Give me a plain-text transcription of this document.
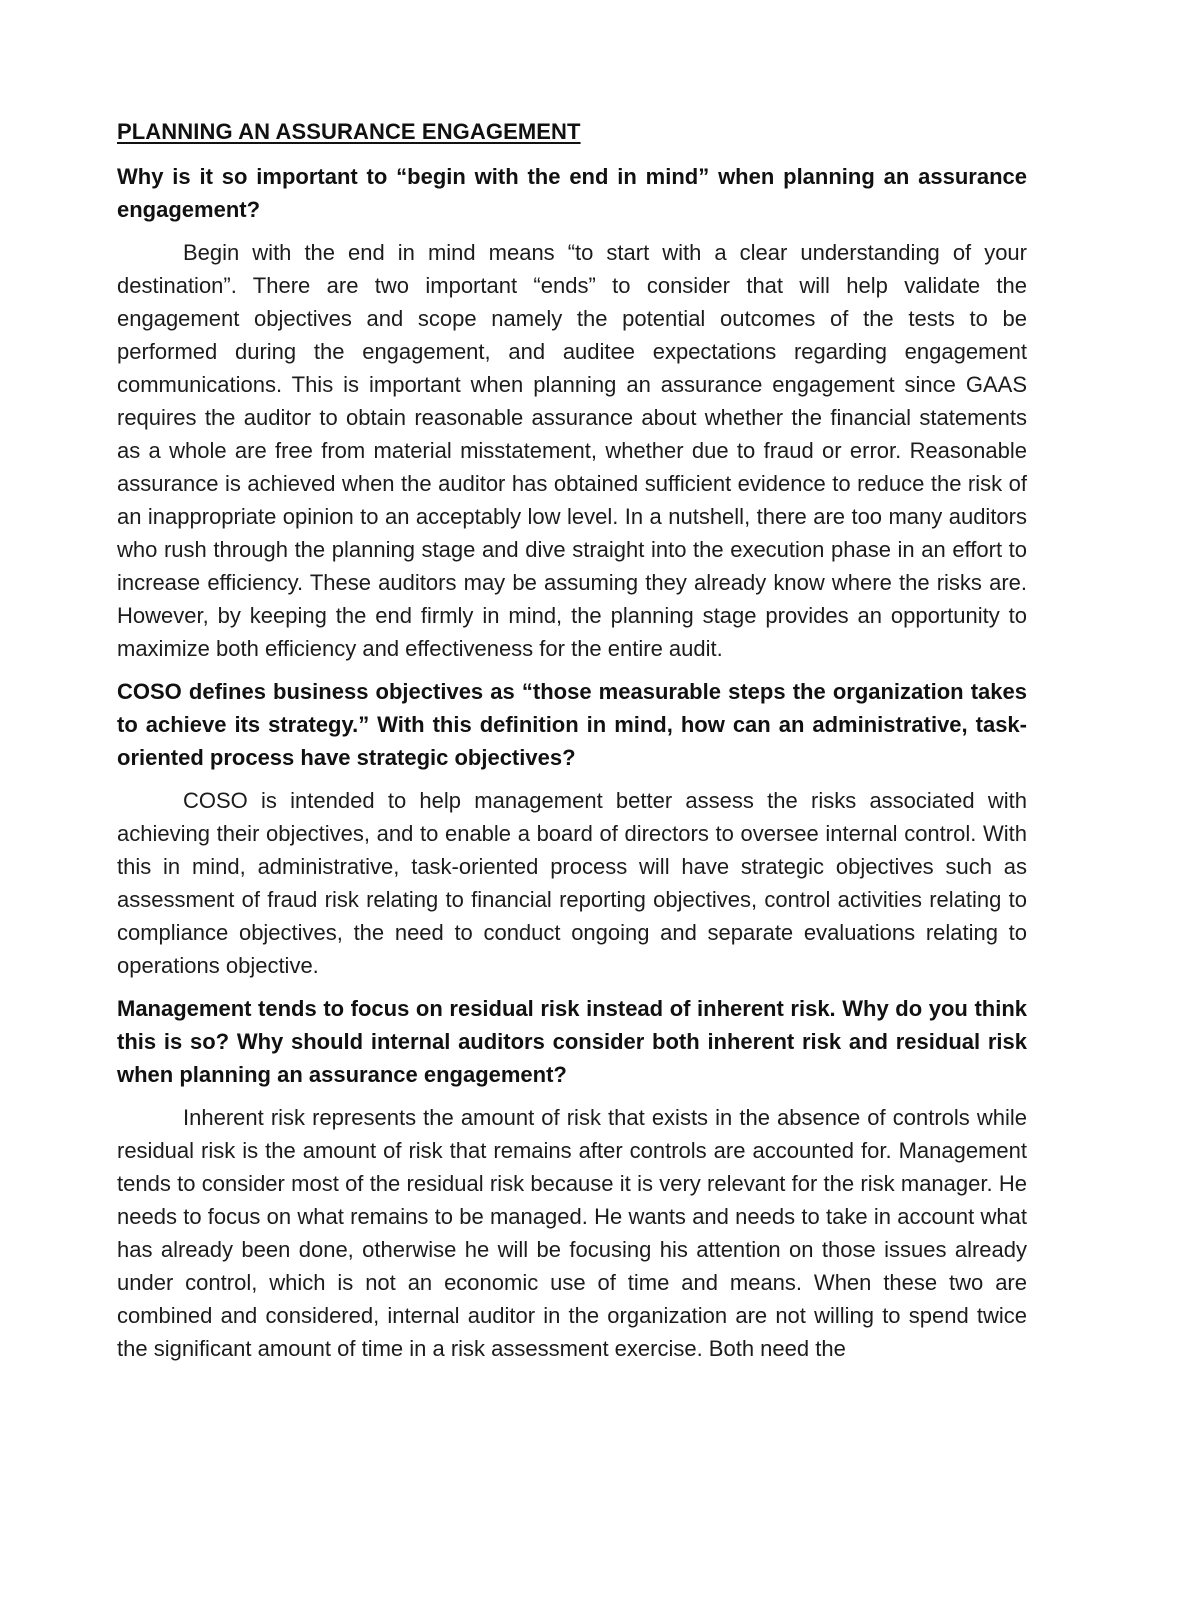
PLANNING AN ASSURANCE ENGAGEMENT

Why is it so important to “begin with the end in mind” when planning an assurance engagement?

Begin with the end in mind means “to start with a clear understanding of your destination”. There are two important “ends” to consider that will help validate the engagement objectives and scope namely the potential outcomes of the tests to be performed during the engagement, and auditee expectations regarding engagement communications. This is important when planning an assurance engagement since GAAS requires the auditor to obtain reasonable assurance about whether the financial statements as a whole are free from material misstatement, whether due to fraud or error. Reasonable assurance is achieved when the auditor has obtained sufficient evidence to reduce the risk of an inappropriate opinion to an acceptably low level. In a nutshell, there are too many auditors who rush through the planning stage and dive straight into the execution phase in an effort to increase efficiency. These auditors may be assuming they already know where the risks are. However, by keeping the end firmly in mind, the planning stage provides an opportunity to maximize both efficiency and effectiveness for the entire audit.

COSO defines business objectives as “those measurable steps the organization takes to achieve its strategy.” With this definition in mind, how can an administrative, task-oriented process have strategic objectives?

COSO is intended to help management better assess the risks associated with achieving their objectives, and to enable a board of directors to oversee internal control. With this in mind, administrative, task-oriented process will have strategic objectives such as assessment of fraud risk relating to financial reporting objectives, control activities relating to compliance objectives, the need to conduct ongoing and separate evaluations relating to operations objective.

Management tends to focus on residual risk instead of inherent risk. Why do you think this is so? Why should internal auditors consider both inherent risk and residual risk when planning an assurance engagement?

Inherent risk represents the amount of risk that exists in the absence of controls while residual risk is the amount of risk that remains after controls are accounted for. Management tends to consider most of the residual risk because it is very relevant for the risk manager. He needs to focus on what remains to be managed. He wants and needs to take in account what has already been done, otherwise he will be focusing his attention on those issues already under control, which is not an economic use of time and means. When these two are combined and considered, internal auditor in the organization are not willing to spend twice the significant amount of time in a risk assessment exercise. Both need the
